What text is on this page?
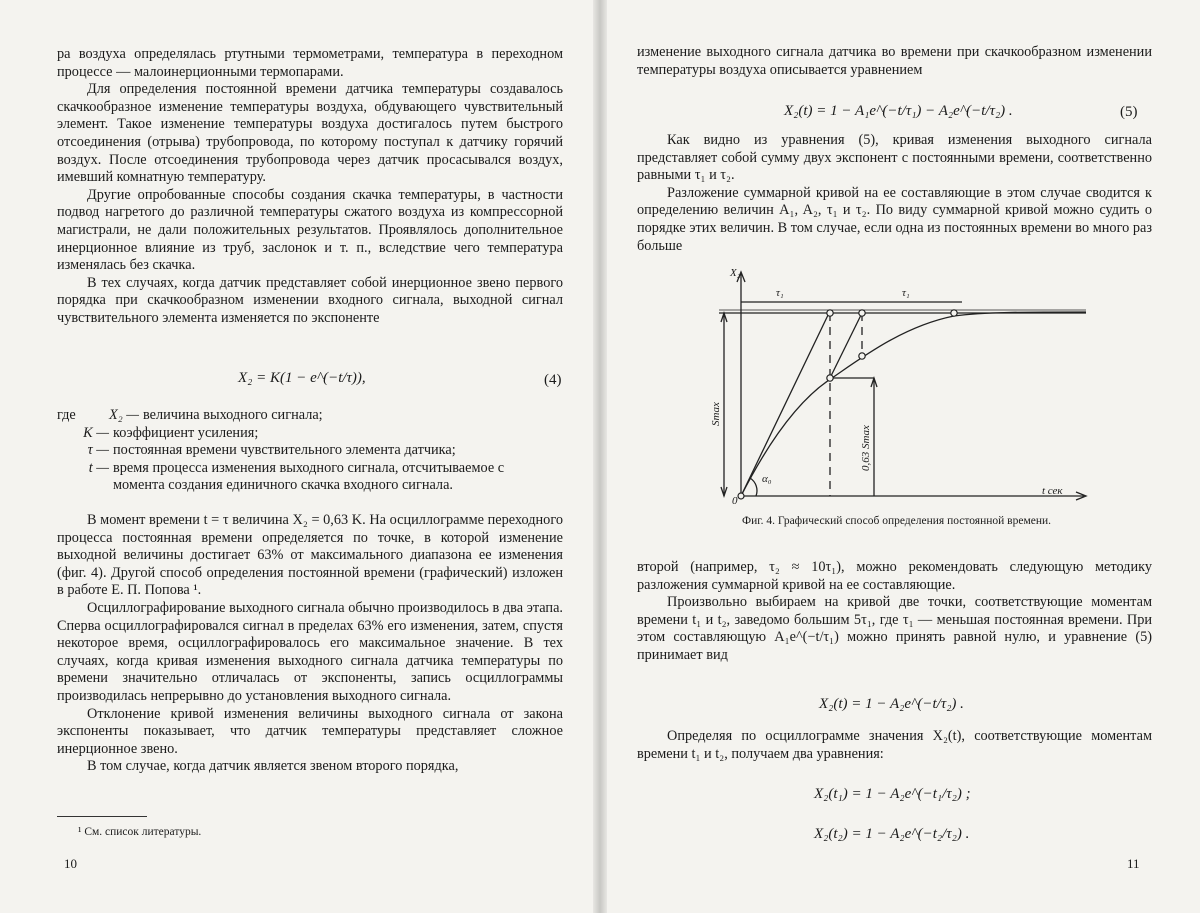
ра воздуха определялась ртутными термометрами, температура в переходном процессе — малоинерционными термопарами.

Для определения постоянной времени датчика температуры создавалось скачкообразное изменение температуры воздуха, обдувающего чувствительный элемент. Такое изменение температуры воздуха достигалось путем быстрого отсоединения (отрыва) трубопровода, по которому поступал к датчику горячий воздух. После отсоединения трубопровода через датчик просасывался воздух, имевший комнатную температуру.

Другие опробованные способы создания скачка температуры, в частности подвод нагретого до различной температуры сжатого воздуха из компрессорной магистрали, не дали положительных результатов. Проявлялось дополнительное инерционное влияние из труб, заслонок и т. п., вследствие чего температура изменялась без скачка.

В тех случаях, когда датчик представляет собой инерционное звено первого порядка при скачкообразном изменении входного сигнала, выходной сигнал чувствительного элемента изменяется по экспоненте

X₂ = K(1 − e^(−t/τ)),	(4)
где	X₂ — величина выходного сигнала;
K — коэффициент усиления;
τ — постоянная времени чувствительного элемента датчика;
t — время процесса изменения выходного сигнала, отсчитываемое с момента создания единичного скачка входного сигнала.

В момент времени t = τ величина X₂ = 0,63 K. На осциллограмме переходного процесса постоянная времени определяется по точке, в которой изменение выходной величины достигает 63% от максимального диапазона ее изменения (фиг. 4). Другой способ определения постоянной времени (графический) изложен в работе Е. П. Попова ¹.

Осциллографирование выходного сигнала обычно производилось в два этапа. Сперва осциллографировался сигнал в пределах 63% его изменения, затем, спустя некоторое время, осциллографировалось его максимальное значение. В тех случаях, когда кривая изменения выходного сигнала датчика температуры по времени значительно отличалась от экспоненты, запись осциллограммы производилась непрерывно до установления выходного сигнала.

Отклонение кривой изменения величины выходного сигнала от закона экспоненты показывает, что датчик температуры представляет сложное инерционное звено.

В том случае, когда датчик является звеном второго порядка,

¹ См. список литературы.
10

изменение выходного сигнала датчика во времени при скачкообразном изменении температуры воздуха описывается уравнением

X₂(t) = 1 − A₁e^(−t/τ₁) − A₂e^(−t/τ₂) .	(5)

Как видно из уравнения (5), кривая изменения выходного сигнала представляет собой сумму двух экспонент с постоянными времени, соответственно равными τ₁ и τ₂.

Разложение суммарной кривой на ее составляющие в этом случае сводится к определению величин A₁, A₂, τ₁ и τ₂. По виду суммарной кривой можно судить о порядке этих величин. В том случае, если одна из постоянных времени во много раз больше

X₂
t сек
0
τ₁	τ₁
α₀
Smax
0,63 Smax
Фиг. 4. Графический способ определения постоянной времени.

второй (например, τ₂ ≈ 10τ₁), можно рекомендовать следующую методику разложения суммарной кривой на ее составляющие.

Произвольно выбираем на кривой две точки, соответствующие моментам времени t₁ и t₂, заведомо большим 5τ₁, где τ₁ — меньшая постоянная времени. При этом составляющую A₁e^(−t/τ₁) можно принять равной нулю, и уравнение (5) принимает вид

X₂(t) = 1 − A₂e^(−t/τ₂) .

Определяя по осциллограмме значения X₂(t), соответствующие моментам времени t₁ и t₂, получаем два уравнения:

X₂(t₁) = 1 − A₂e^(−t₁/τ₂) ;
X₂(t₂) = 1 − A₂e^(−t₂/τ₂) .
11
